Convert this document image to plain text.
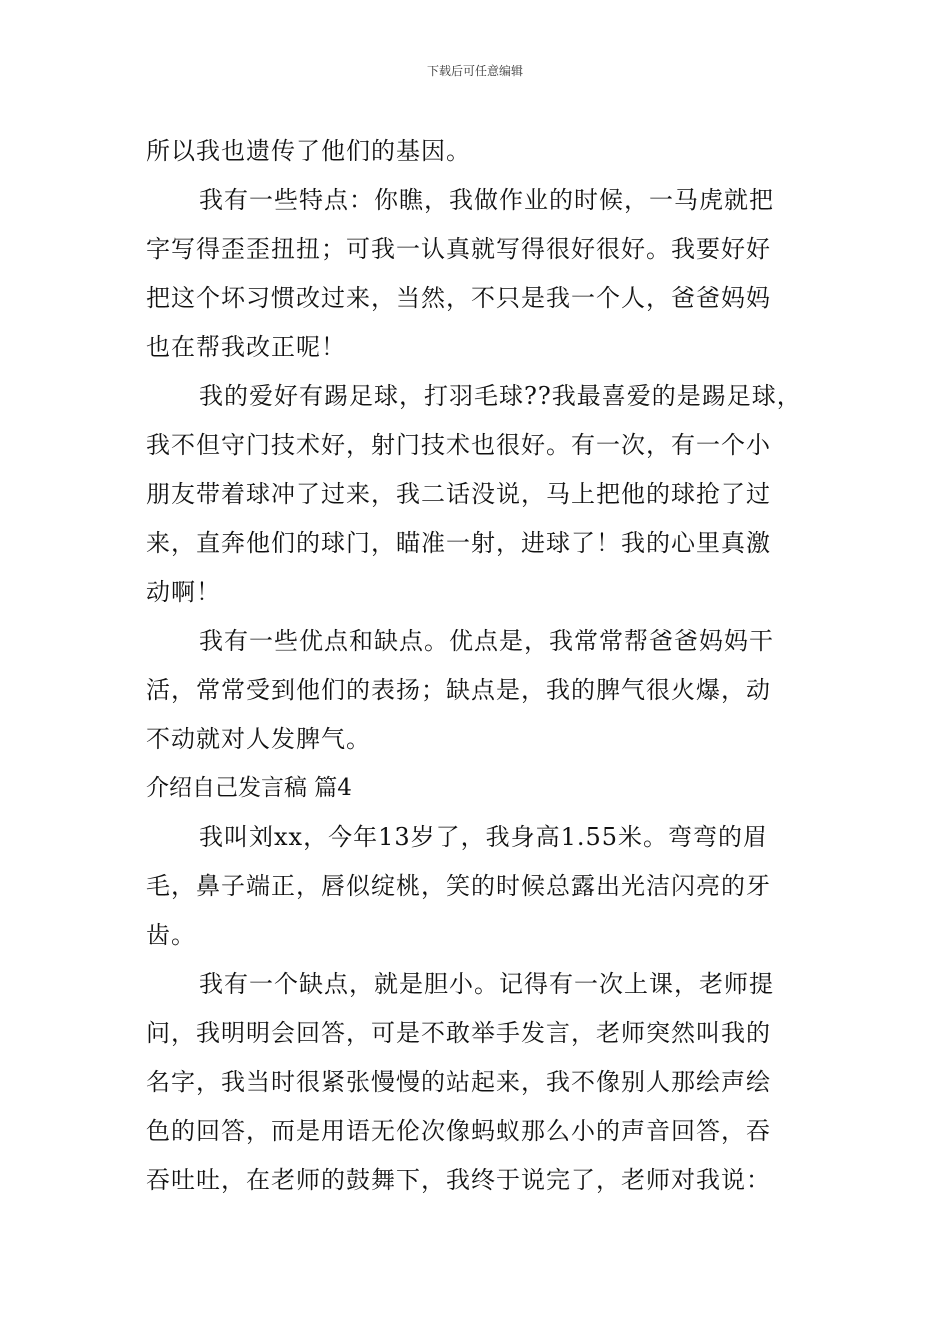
下载后可任意编辑
所以我也遗传了他们的基因。
我有一些特点：你瞧，我做作业的时候，一马虎就把
字写得歪歪扭扭；可我一认真就写得很好很好。我要好好
把这个坏习惯改过来，当然，不只是我一个人，爸爸妈妈
也在帮我改正呢！
我的爱好有踢足球，打羽毛球??我最喜爱的是踢足球，
我不但守门技术好，射门技术也很好。有一次，有一个小
朋友带着球冲了过来，我二话没说，马上把他的球抢了过
来，直奔他们的球门，瞄准一射，进球了！我的心里真激
动啊！
我有一些优点和缺点。优点是，我常常帮爸爸妈妈干
活，常常受到他们的表扬；缺点是，我的脾气很火爆，动
不动就对人发脾气。
介绍自己发言稿 篇4
我叫刘xx，今年13岁了，我身高1.55米。弯弯的眉
毛，鼻子端正，唇似绽桃，笑的时候总露出光洁闪亮的牙
齿。
我有一个缺点，就是胆小。记得有一次上课，老师提
问，我明明会回答，可是不敢举手发言，老师突然叫我的
名字，我当时很紧张慢慢的站起来，我不像别人那绘声绘
色的回答，而是用语无伦次像蚂蚁那么小的声音回答，吞
吞吐吐，在老师的鼓舞下，我终于说完了，老师对我说：
